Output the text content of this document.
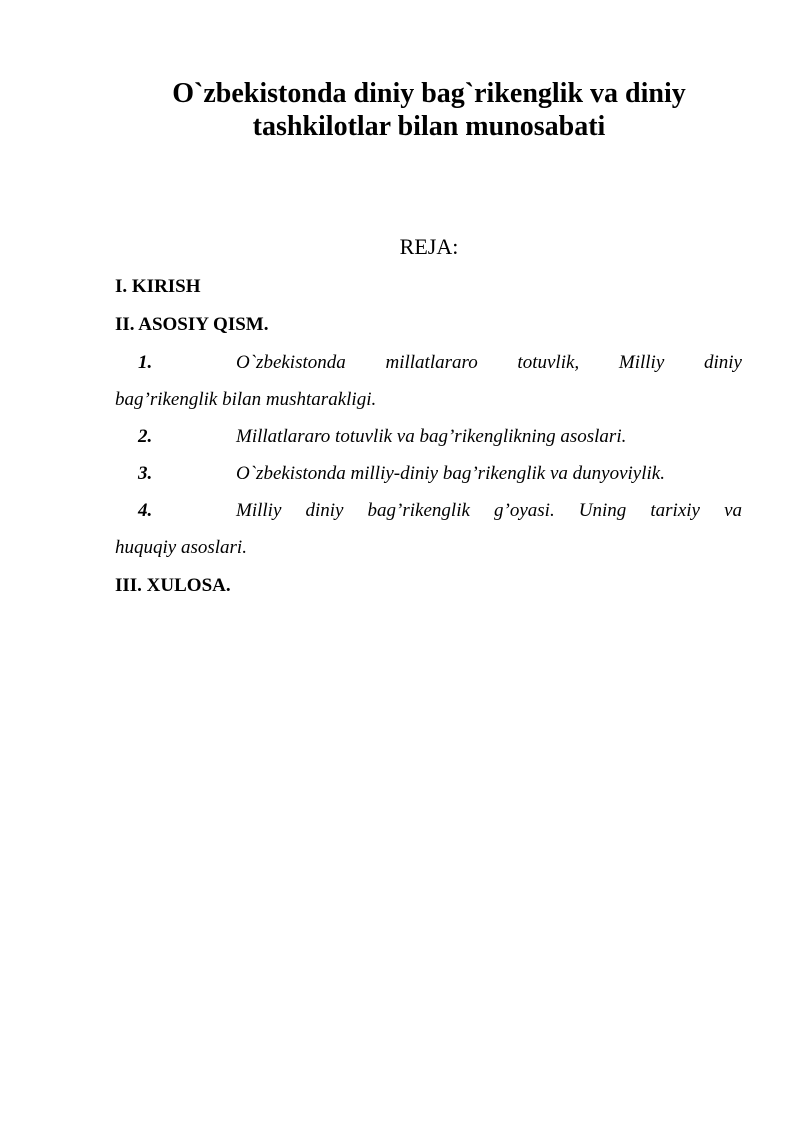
O`zbekistonda diniy bag`rikenglik va diniy
tashkilotlar bilan munosabati

REJA:

I. KIRISH

II. ASOSIY QISM.

1.	O`zbekistonda millatlararo totuvlik, Milliy diniy
bag’rikenglik bilan mushtarakligi.
2.	Millatlararo totuvlik va bag’rikenglikning asoslari.
3.	O`zbekistonda milliy-diniy bag’rikenglik va dunyoviylik.
4.	Milliy diniy bag’rikenglik g’oyasi. Uning tarixiy va
huquqiy asoslari.

III. XULOSA.
